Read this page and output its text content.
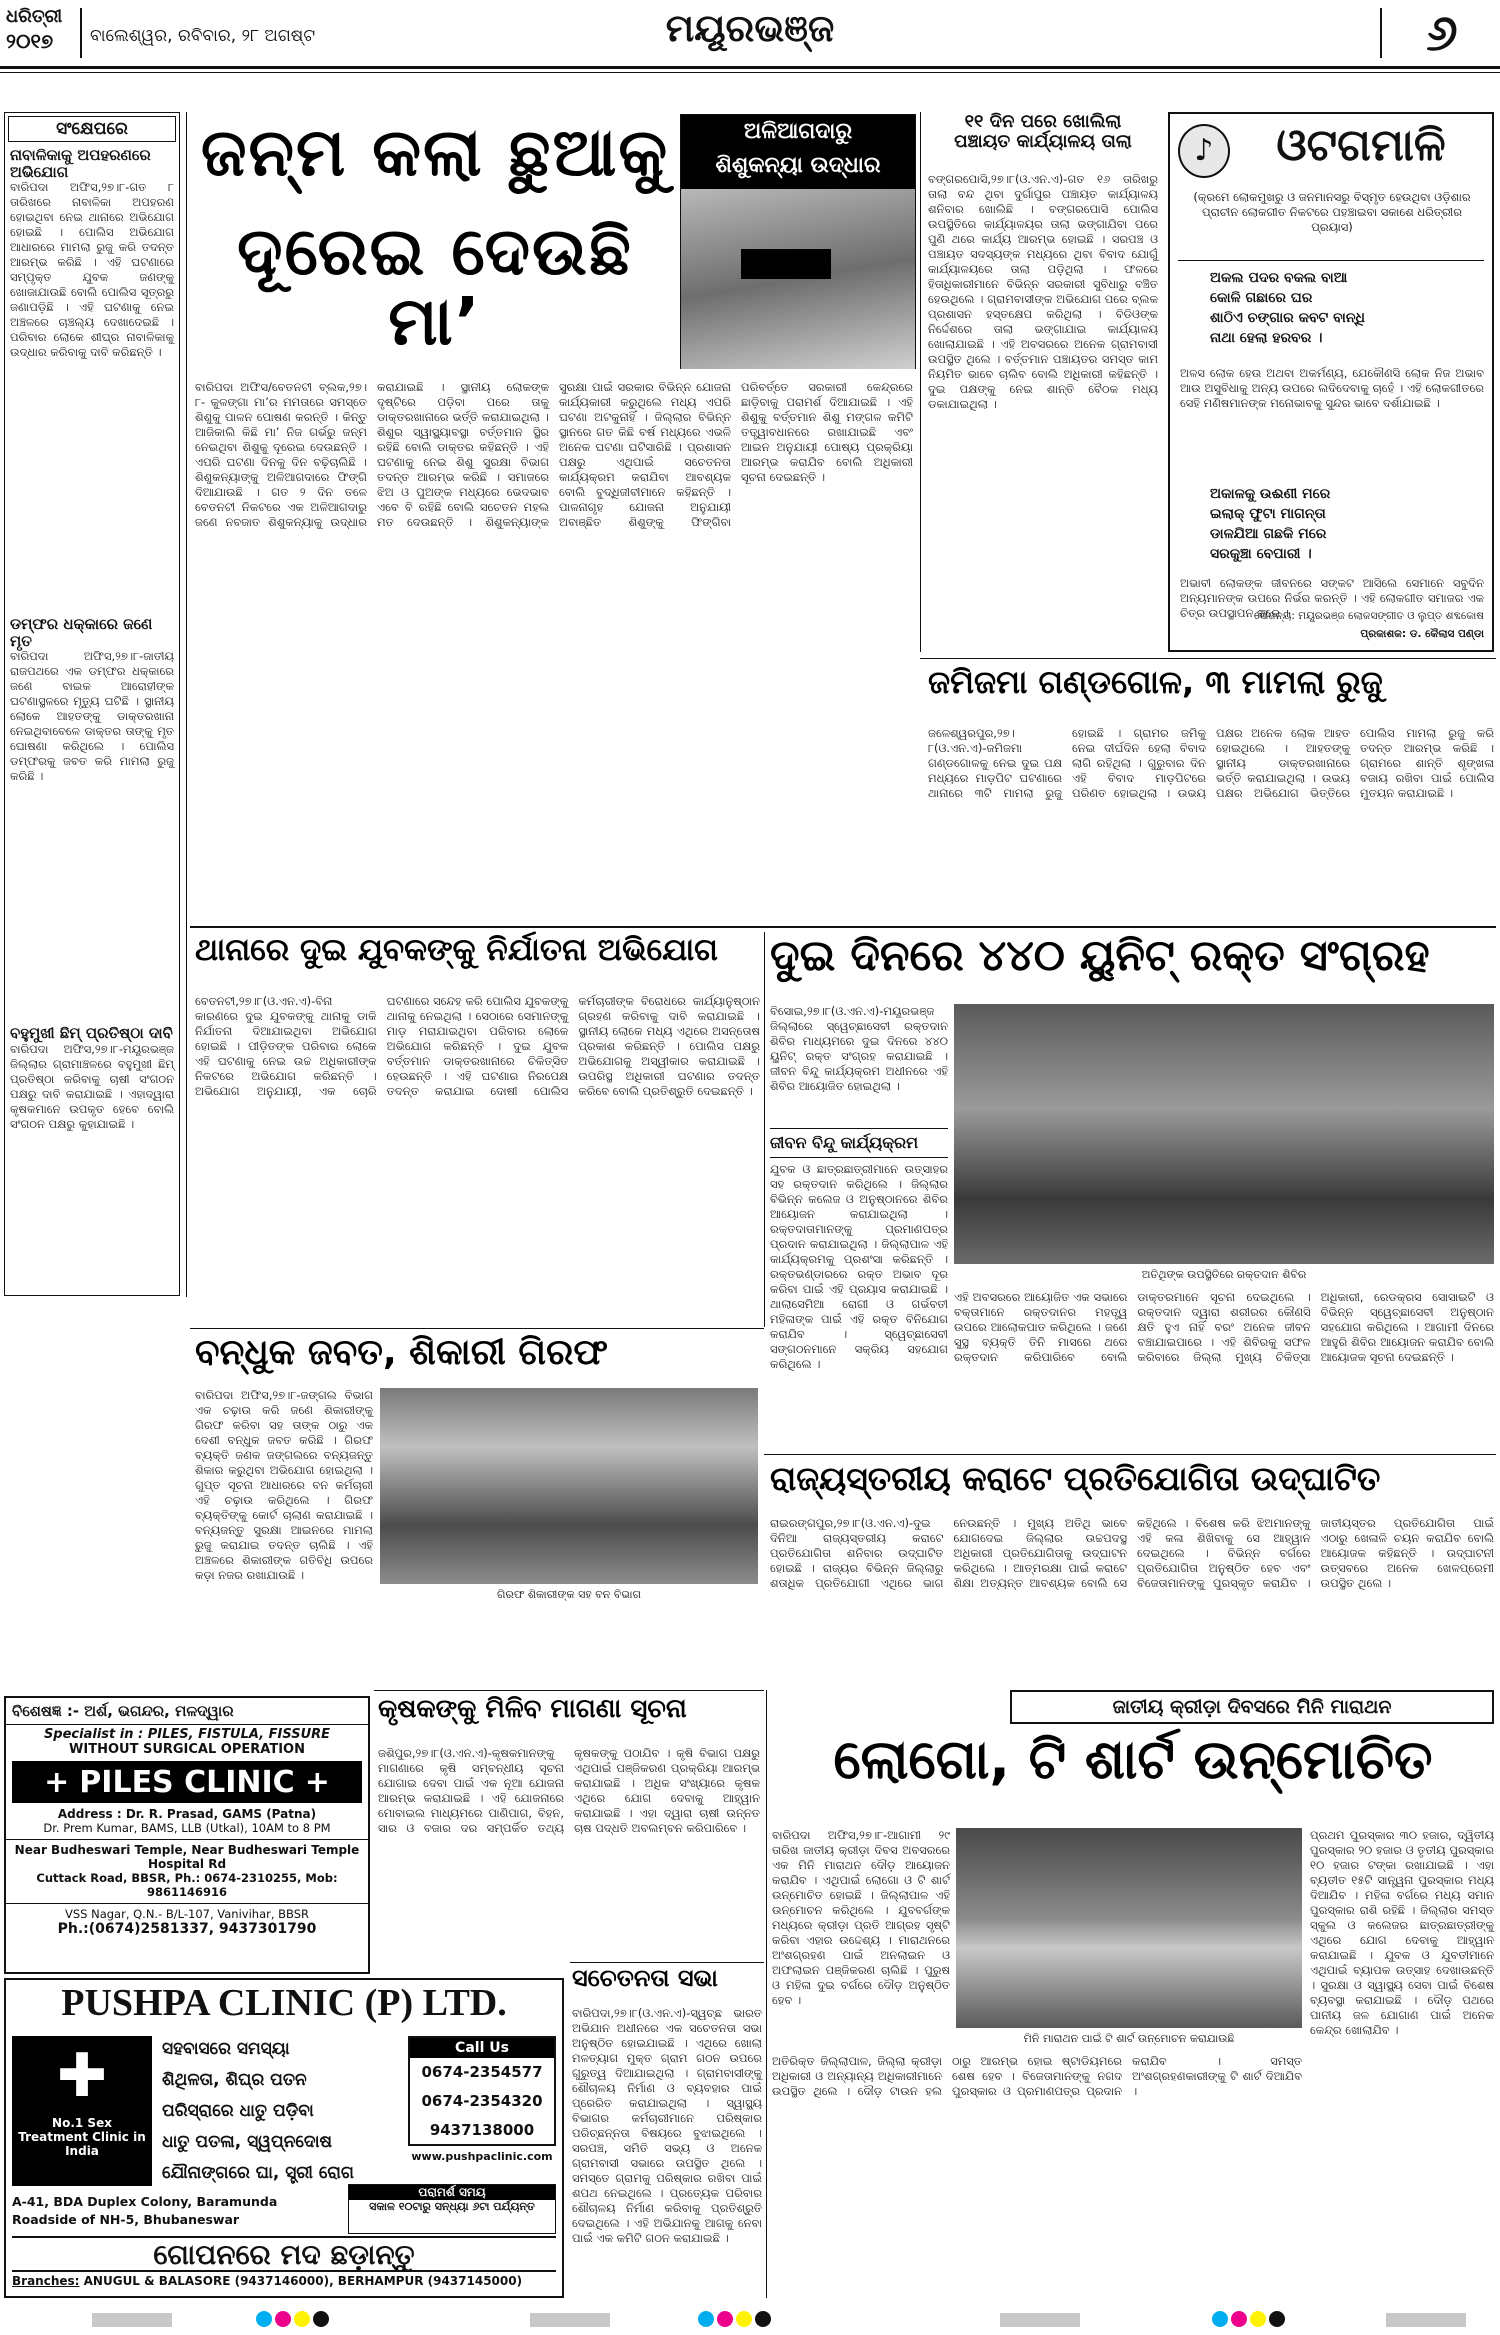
ଧରିତ୍ରୀ
୨୦୧୭	ବାଲେଶ୍ୱର, ରବିବାର, ୨୮ ଅଗଷ୍ଟ	ମୟୂରଭଞ୍ଜ	୬
ସଂକ୍ଷେପରେ
ନାବାଳିକାକୁ ଅପହରଣରେ ଅଭିଯୋଗ
ବାରିପଦା ଅଫିସ,୨୭।୮-ଗତ ୮ ତାରିଖରେ ନାବାଳିକା ଅପହରଣ ହୋଇଥିବା ନେଇ ଥାନାରେ ଅଭିଯୋଗ ହୋଇଛି । ପୋଲିସ ଅଭିଯୋଗ ଆଧାରରେ ମାମଲା ରୁଜୁ କରି ତଦନ୍ତ ଆରମ୍ଭ କରିଛି । ଏହି ଘଟଣାରେ ସମ୍ପୃକ୍ତ ଯୁବକ ଜଣଙ୍କୁ ଖୋଜାଯାଉଛି ବୋଲି ପୋଲିସ ସୂତ୍ରରୁ ଜଣାପଡ଼ିଛି । ଏହି ଘଟଣାକୁ ନେଇ ଅଞ୍ଚଳରେ ଚାଞ୍ଚଲ୍ୟ ଦେଖାଦେଇଛି । ପରିବାର ଲୋକେ ଶୀଘ୍ର ନାବାଳିକାକୁ ଉଦ୍ଧାର କରିବାକୁ ଦାବି କରିଛନ୍ତି ।
ଡମ୍ଫର ଧକ୍କାରେ ଜଣେ ମୃତ
ବାରିପଦା ଅଫିସ,୨୭।୮-ଜାତୀୟ ରାଜପଥରେ ଏକ ଡମ୍ଫର ଧକ୍କାରେ ଜଣେ ବାଇକ ଆରୋହୀଙ୍କ ଘଟଣାସ୍ଥଳରେ ମୃତ୍ୟୁ ଘଟିଛି । ସ୍ଥାନୀୟ ଲୋକେ ଆହତଙ୍କୁ ଡାକ୍ତରଖାନା ନେଇଥିବାବେଳେ ଡାକ୍ତର ତାଙ୍କୁ ମୃତ ଘୋଷଣା କରିଥିଲେ । ପୋଲିସ ଡମ୍ଫରକୁ ଜବତ କରି ମାମଲା ରୁଜୁ କରିଛି ।
ବହୁମୁଖୀ ଛିମ୍ ପ୍ରତିଷ୍ଠା ଦାବି
ବାରିପଦା ଅଫିସ,୨୭।୮-ମୟୂରଭଞ୍ଜ ଜିଲ୍ଲାର ଗ୍ରାମାଞ୍ଚଳରେ ବହୁମୁଖୀ ଛିମ୍ ପ୍ରତିଷ୍ଠା କରିବାକୁ ଚାଷୀ ସଂଗଠନ ପକ୍ଷରୁ ଦାବି କରାଯାଇଛି । ଏହାଦ୍ୱାରା କୃଷକମାନେ ଉପକୃତ ହେବେ ବୋଲି ସଂଗଠନ ପକ୍ଷରୁ କୁହାଯାଇଛି ।
ଜନ୍ମ କଲା ଛୁଆକୁ
ଦୂରେଇ ଦେଉଛି ମା’
ବାରିପଦା ଅଫିସ/ବେତନଟୀ ବ୍ଲକ,୨୭।୮- କୁଳଙ୍ଗା ମା’ର ମମତାରେ ସମସ୍ତେ ଶିଶୁକୁ ପାଳନ ପୋଷଣ କରନ୍ତି । କିନ୍ତୁ ଆଜିକାଲି କିଛି ମା’ ନିଜ ଗର୍ଭରୁ ଜନ୍ମ ନେଇଥିବା ଶିଶୁକୁ ଦୂରେଇ ଦେଉଛନ୍ତି । ଏପରି ଘଟଣା ଦିନକୁ ଦିନ ବଢ଼ିଚାଲିଛି । ଶିଶୁକନ୍ୟାଙ୍କୁ ଅଳିଆଗଦାରେ ଫିଙ୍ଗି ଦିଆଯାଉଛି । ଗତ ୨ ଦିନ ତଳେ ବେତନଟୀ ନିକଟରେ ଏକ ଅଳିଆଗଦାରୁ ଜଣେ ନବଜାତ ଶିଶୁକନ୍ୟାକୁ ଉଦ୍ଧାର କରାଯାଇଛି । ସ୍ଥାନୀୟ ଲୋକଙ୍କ ଦୃଷ୍ଟିରେ ପଡ଼ିବା ପରେ ତାକୁ ଡାକ୍ତରଖାନାରେ ଭର୍ତ୍ତି କରାଯାଇଥିଲା । ଶିଶୁର ସ୍ୱାସ୍ଥ୍ୟାବସ୍ଥା ବର୍ତ୍ତମାନ ସ୍ଥିର ରହିଛି ବୋଲି ଡାକ୍ତର କହିଛନ୍ତି । ଏହି ଘଟଣାକୁ ନେଇ ଶିଶୁ ସୁରକ୍ଷା ବିଭାଗ ତଦନ୍ତ ଆରମ୍ଭ କରିଛି । ସମାଜରେ ଝିଅ ଓ ପୁଅଙ୍କ ମଧ୍ୟରେ ଭେଦଭାବ ଏବେ ବି ରହିଛି ବୋଲି ସଚେତନ ମହଲ ମତ ଦେଉଛନ୍ତି । ଶିଶୁକନ୍ୟାଙ୍କ ସୁରକ୍ଷା ପାଇଁ ସରକାର ବିଭିନ୍ନ ଯୋଜନା କାର୍ଯ୍ୟକାରୀ କରୁଥିଲେ ମଧ୍ୟ ଏପରି ଘଟଣା ଅଟକୁନାହିଁ । ଜିଲ୍ଲାର ବିଭିନ୍ନ ସ୍ଥାନରେ ଗତ କିଛି ବର୍ଷ ମଧ୍ୟରେ ଏଭଳି ଅନେକ ଘଟଣା ଘଟିସାରିଛି । ପ୍ରଶାସନ ପକ୍ଷରୁ ଏଥିପାଇଁ ସଚେତନତା କାର୍ଯ୍ୟକ୍ରମ କରାଯିବା ଆବଶ୍ୟକ ବୋଲି ବୁଦ୍ଧିଜୀବୀମାନେ କହିଛନ୍ତି । ପାଳନାଗୃହ ଯୋଜନା ଅନୁଯାୟୀ ଅବାଞ୍ଛିତ ଶିଶୁଙ୍କୁ ଫିଙ୍ଗିବା ପରିବର୍ତ୍ତେ ସରକାରୀ କେନ୍ଦ୍ରରେ ଛାଡ଼ିବାକୁ ପରାମର୍ଶ ଦିଆଯାଇଛି । ଏହି ଶିଶୁକୁ ବର୍ତ୍ତମାନ ଶିଶୁ ମଙ୍ଗଳ କମିଟି ତତ୍ତ୍ୱାବଧାନରେ ରଖାଯାଇଛି ଏବଂ ଆଇନ ଅନୁଯାୟୀ ପୋଷ୍ୟ ପ୍ରକ୍ରିୟା ଆରମ୍ଭ କରାଯିବ ବୋଲି ଅଧିକାରୀ ସୂଚନା ଦେଇଛନ୍ତି ।
ଅଳିଆଗଦାରୁ
ଶିଶୁକନ୍ୟା ଉଦ୍ଧାର
୧୧ ଦିନ ପରେ ଖୋଲିଲା
ପଞ୍ଚାୟତ କାର୍ଯ୍ୟାଳୟ ତାଲା
ବଙ୍ଗରପୋସି,୨୭।୮(ଓ.ଏନ.ଏ)-ଗତ ୧୬ ତାରିଖରୁ ତାଲା ବନ୍ଦ ଥିବା ଦୁର୍ଗାପୁର ପଞ୍ଚାୟତ କାର୍ଯ୍ୟାଳୟ ଶନିବାର ଖୋଲିଛି । ବଙ୍ଗରପୋସି ପୋଲିସ ଉପସ୍ଥିତିରେ କାର୍ଯ୍ୟାଳୟର ତାଲା ଭଙ୍ଗାଯିବା ପରେ ପୁଣି ଥରେ କାର୍ଯ୍ୟ ଆରମ୍ଭ ହୋଇଛି । ସରପଞ୍ଚ ଓ ପଞ୍ଚାୟତ ସଦସ୍ୟଙ୍କ ମଧ୍ୟରେ ଥିବା ବିବାଦ ଯୋଗୁଁ କାର୍ଯ୍ୟାଳୟରେ ତାଲା ପଡ଼ିଥିଲା । ଫଳରେ ହିତାଧିକାରୀମାନେ ବିଭିନ୍ନ ସରକାରୀ ସୁବିଧାରୁ ବଞ୍ଚିତ ହେଉଥିଲେ । ଗ୍ରାମବାସୀଙ୍କ ଅଭିଯୋଗ ପରେ ବ୍ଲକ ପ୍ରଶାସନ ହସ୍ତକ୍ଷେପ କରିଥିଲା । ବିଡିଓଙ୍କ ନିର୍ଦ୍ଦେଶରେ ତାଲା ଭଙ୍ଗାଯାଇ କାର୍ଯ୍ୟାଳୟ ଖୋଲାଯାଇଛି । ଏହି ଅବସରରେ ଅନେକ ଗ୍ରାମବାସୀ ଉପସ୍ଥିତ ଥିଲେ । ବର୍ତ୍ତମାନ ପଞ୍ଚାୟତର ସମସ୍ତ କାମ ନିୟମିତ ଭାବେ ଚାଲିବ ବୋଲି ଅଧିକାରୀ କହିଛନ୍ତି । ଦୁଇ ପକ୍ଷଙ୍କୁ ନେଇ ଶାନ୍ତି ବୈଠକ ମଧ୍ୟ ଡକାଯାଇଥିଲା ।
♪	ଓଟଗମାଳି
(କ୍ରମେ ଲୋକମୁଖରୁ ଓ ଜନମାନସରୁ ବିସ୍ମୃତ ହେଉଥିବା ଓଡ଼ିଶାର ପ୍ରାଚୀନ ଲୋକଗୀତ ନିକଟରେ ପହଞ୍ଚାଇବା ସକାଶେ ଧରିତ୍ରୀର ପ୍ରୟାସ)
ଅକଲ ପଦର ବକଲ ବାଆ
କୋଳି ଗଛାରେ ଘର
ଶାଠିଏ ଚଙ୍ଗାର କବଟ ବାନ୍ଧି
ନାଥା ହେଲା ହରବର ।
ଅଳସ ଲୋକ ହେଉ ଅଥବା ଅକର୍ମଣ୍ୟ, ଯେକୌଣସି ଲୋକ ନିଜ ଅଭାବ ଆଉ ଅସୁବିଧାକୁ ଅନ୍ୟ ଉପରେ ଲଦିଦେବାକୁ ଚାହେଁ । ଏହି ଲୋକଗୀତରେ ସେହି ମଣିଷମାନଙ୍କ ମନୋଭାବକୁ ସୁନ୍ଦର ଭାବେ ଦର୍ଶାଯାଇଛି ।
ଅକାଳକୁ ଉଈଣୀ ମରେ
ଇଲାକ୍ ଫୁଟା ମାଗନ୍ତା
ଡାଳଯିଆ ଗଛକି ମରେ
ସରକୁଞ୍ଚା ବେପାରୀ ।
ଅଭାବୀ ଲୋକଙ୍କ ଜୀବନରେ ସଙ୍କଟ ଆସିଲେ ସେମାନେ ସବୁଦିନ ଅନ୍ୟମାନଙ୍କ ଉପରେ ନିର୍ଭର କରନ୍ତି । ଏହି ଲୋକଗୀତ ସମାଜର ଏକ ଚିତ୍ର ଉପସ୍ଥାପନ କରେ ।
ସୌଜନ୍ୟ: ମୟୂରଭଞ୍ଜ ଲୋକସଙ୍ଗୀତ ଓ ଲୁପ୍ତ ଶବ୍ଦକୋଷ
ପ୍ରକାଶକ: ଡ. କୈଲାସ ପଣ୍ଡା
ଜମିଜମା ଗଣ୍ଡଗୋଳ, ୩ ମାମଲା ରୁଜୁ
ଜଳେଶ୍ୱରପୁର,୨୭।୮(ଓ.ଏନ.ଏ)-ଜମିଜମା ଗଣ୍ଡଗୋଳକୁ ନେଇ ଦୁଇ ପକ୍ଷ ମଧ୍ୟରେ ମାଡ଼ପିଟ ଘଟଣାରେ ଥାନାରେ ୩ଟି ମାମଲା ରୁଜୁ ହୋଇଛି । ଗ୍ରାମର ଜମିକୁ ନେଇ ଦୀର୍ଘଦିନ ହେଲା ବିବାଦ ଲାଗି ରହିଥିଲା । ଗୁରୁବାର ଦିନ ଏହି ବିବାଦ ମାଡ଼ପିଟରେ ପରିଣତ ହୋଇଥିଲା । ଉଭୟ ପକ୍ଷର ଅନେକ ଲୋକ ଆହତ ହୋଇଥିଲେ । ଆହତଙ୍କୁ ସ୍ଥାନୀୟ ଡାକ୍ତରଖାନାରେ ଭର୍ତ୍ତି କରାଯାଇଥିଲା । ଉଭୟ ପକ୍ଷର ଅଭିଯୋଗ ଭିତ୍ତିରେ ପୋଲିସ ମାମଲା ରୁଜୁ କରି ତଦନ୍ତ ଆରମ୍ଭ କରିଛି । ଗ୍ରାମରେ ଶାନ୍ତି ଶୃଙ୍ଖଳା ବଜାୟ ରଖିବା ପାଇଁ ପୋଲିସ ମୁତୟନ କରାଯାଇଛି ।
ଥାନାରେ ଦୁଇ ଯୁବକଙ୍କୁ ନିର୍ଯାତନା ଅଭିଯୋଗ
ବେତନଟୀ,୨୭।୮(ଓ.ଏନ.ଏ)-ବିନା କାରଣରେ ଦୁଇ ଯୁବକଙ୍କୁ ଥାନାକୁ ଡାକି ନିର୍ଯାତନା ଦିଆଯାଇଥିବା ଅଭିଯୋଗ ହୋଇଛି । ପୀଡ଼ିତଙ୍କ ପରିବାର ଲୋକେ ଏହି ଘଟଣାକୁ ନେଇ ଉଚ୍ଚ ଅଧିକାରୀଙ୍କ ନିକଟରେ ଅଭିଯୋଗ କରିଛନ୍ତି । ଅଭିଯୋଗ ଅନୁଯାୟୀ, ଏକ ଚୋରି ଘଟଣାରେ ସନ୍ଦେହ କରି ପୋଲିସ ଯୁବକଙ୍କୁ ଥାନାକୁ ନେଇଥିଲା । ସେଠାରେ ସେମାନଙ୍କୁ ମାଡ଼ ମରାଯାଇଥିବା ପରିବାର ଲୋକେ ଅଭିଯୋଗ କରିଛନ୍ତି । ଦୁଇ ଯୁବକ ବର୍ତ୍ତମାନ ଡାକ୍ତରଖାନାରେ ଚିକିତ୍ସିତ ହେଉଛନ୍ତି । ଏହି ଘଟଣାର ନିରପେକ୍ଷ ତଦନ୍ତ କରାଯାଇ ଦୋଷୀ ପୋଲିସ କର୍ମଚାରୀଙ୍କ ବିରୋଧରେ କାର୍ଯ୍ୟାନୁଷ୍ଠାନ ଗ୍ରହଣ କରିବାକୁ ଦାବି କରାଯାଇଛି । ସ୍ଥାନୀୟ ଲୋକେ ମଧ୍ୟ ଏଥିରେ ଅସନ୍ତୋଷ ପ୍ରକାଶ କରିଛନ୍ତି । ପୋଲିସ ପକ୍ଷରୁ ଅଭିଯୋଗକୁ ଅସ୍ୱୀକାର କରାଯାଇଛି । ଉପରିସ୍ଥ ଅଧିକାରୀ ଘଟଣାର ତଦନ୍ତ କରିବେ ବୋଲି ପ୍ରତିଶ୍ରୁତି ଦେଇଛନ୍ତି ।
ଦୁଇ ଦିନରେ ୪୪୦ ୟୁନିଟ୍ ରକ୍ତ ସଂଗ୍ରହ
ବିସୋଇ,୨୭।୮(ଓ.ଏନ.ଏ)-ମୟୂରଭଞ୍ଜ ଜିଲ୍ଲାରେ ସ୍ୱେଚ୍ଛାସେବୀ ରକ୍ତଦାନ ଶିବିର ମାଧ୍ୟମରେ ଦୁଇ ଦିନରେ ୪୪୦ ୟୁନିଟ୍ ରକ୍ତ ସଂଗ୍ରହ କରାଯାଇଛି । ଜୀବନ ବିନ୍ଦୁ କାର୍ଯ୍ୟକ୍ରମ ଅଧୀନରେ ଏହି ଶିବିର ଆୟୋଜିତ ହୋଇଥିଲା ।
ଜୀବନ ବିନ୍ଦୁ କାର୍ଯ୍ୟକ୍ରମ
ଯୁବକ ଓ ଛାତ୍ରଛାତ୍ରୀମାନେ ଉତ୍ସାହର ସହ ରକ୍ତଦାନ କରିଥିଲେ । ଜିଲ୍ଲାର ବିଭିନ୍ନ କଲେଜ ଓ ଅନୁଷ୍ଠାନରେ ଶିବିର ଆୟୋଜନ କରାଯାଇଥିଲା । ରକ୍ତଦାତାମାନଙ୍କୁ ପ୍ରମାଣପତ୍ର ପ୍ରଦାନ କରାଯାଇଥିଲା । ଜିଲ୍ଲାପାଳ ଏହି କାର୍ଯ୍ୟକ୍ରମକୁ ପ୍ରଶଂସା କରିଛନ୍ତି । ରକ୍ତଭଣ୍ଡାରରେ ରକ୍ତ ଅଭାବ ଦୂର କରିବା ପାଇଁ ଏହି ପ୍ରୟାସ କରାଯାଇଛି । ଥାଲାସେମିଆ ରୋଗୀ ଓ ଗର୍ଭବତୀ ମହିଳାଙ୍କ ପାଇଁ ଏହି ରକ୍ତ ବିନିଯୋଗ କରାଯିବ । ସ୍ୱେଚ୍ଛାସେବୀ ସଙ୍ଗଠନମାନେ ସକ୍ରିୟ ସହଯୋଗ କରିଥିଲେ ।
ଅତିଥିଙ୍କ ଉପସ୍ଥିତିରେ ରକ୍ତଦାନ ଶିବିର
ଏହି ଅବସରରେ ଆୟୋଜିତ ଏକ ସଭାରେ ବକ୍ତାମାନେ ରକ୍ତଦାନର ମହତ୍ତ୍ୱ ଉପରେ ଆଲୋକପାତ କରିଥିଲେ । ଜଣେ ସୁସ୍ଥ ବ୍ୟକ୍ତି ତିନି ମାସରେ ଥରେ ରକ୍ତଦାନ କରିପାରିବେ ବୋଲି ଡାକ୍ତରମାନେ ସୂଚନା ଦେଇଥିଲେ । ରକ୍ତଦାନ ଦ୍ୱାରା ଶରୀରର କୌଣସି କ୍ଷତି ହୁଏ ନାହିଁ ବରଂ ଅନେକ ଜୀବନ ବଞ୍ଚାଯାଇପାରେ । ଏହି ଶିବିରକୁ ସଫଳ କରିବାରେ ଜିଲ୍ଲା ମୁଖ୍ୟ ଚିକିତ୍ସା ଅଧିକାରୀ, ରେଡକ୍ରସ ସୋସାଇଟି ଓ ବିଭିନ୍ନ ସ୍ୱେଚ୍ଛାସେବୀ ଅନୁଷ୍ଠାନ ସହଯୋଗ କରିଥିଲେ । ଆଗାମୀ ଦିନରେ ଆହୁରି ଶିବିର ଆୟୋଜନ କରାଯିବ ବୋଲି ଆୟୋଜକ ସୂଚନା ଦେଇଛନ୍ତି ।
ବନ୍ଧୁକ ଜବତ, ଶିକାରୀ ଗିରଫ
ବାରିପଦା ଅଫିସ,୨୭।୮-ଜଙ୍ଗଲ ବିଭାଗ ଏକ ଚଢ଼ାଉ କରି ଜଣେ ଶିକାରୀଙ୍କୁ ଗିରଫ କରିବା ସହ ତାଙ୍କ ଠାରୁ ଏକ ଦେଶୀ ବନ୍ଧୁକ ଜବତ କରିଛି । ଗିରଫ ବ୍ୟକ୍ତି ଜଣକ ଜଙ୍ଗଲରେ ବନ୍ୟଜନ୍ତୁ ଶିକାର କରୁଥିବା ଅଭିଯୋଗ ହୋଇଥିଲା । ଗୁପ୍ତ ସୂଚନା ଆଧାରରେ ବନ କର୍ମଚାରୀ ଏହି ଚଢ଼ାଉ କରିଥିଲେ । ଗିରଫ ବ୍ୟକ୍ତିଙ୍କୁ କୋର୍ଟ ଚାଲାଣ କରାଯାଇଛି । ବନ୍ୟଜନ୍ତୁ ସୁରକ୍ଷା ଆଇନରେ ମାମଲା ରୁଜୁ କରାଯାଇ ତଦନ୍ତ ଚାଲିଛି । ଏହି ଅଞ୍ଚଳରେ ଶିକାରୀଙ୍କ ଗତିବିଧି ଉପରେ କଡ଼ା ନଜର ରଖାଯାଉଛି ।
ଗିରଫ ଶିକାରୀଙ୍କ ସହ ବନ ବିଭାଗ
ରାଜ୍ୟସ୍ତରୀୟ କରାଟେ ପ୍ରତିଯୋଗିତା ଉଦ୍‌ଘାଟିତ
ରାଇରଙ୍ଗପୁର,୨୭।୮(ଓ.ଏନ.ଏ)-ଦୁଇ ଦିନିଆ ରାଜ୍ୟସ୍ତରୀୟ କରାଟେ ପ୍ରତିଯୋଗିତା ଶନିବାର ଉଦ୍‌ଘାଟିତ ହୋଇଛି । ରାଜ୍ୟର ବିଭିନ୍ନ ଜିଲ୍ଲାରୁ ଶତାଧିକ ପ୍ରତିଯୋଗୀ ଏଥିରେ ଭାଗ ନେଉଛନ୍ତି । ମୁଖ୍ୟ ଅତିଥି ଭାବେ ଯୋଗଦେଇ ଜିଲ୍ଲାର ଉଚ୍ଚପଦସ୍ଥ ଅଧିକାରୀ ପ୍ରତିଯୋଗିତାକୁ ଉଦ୍‌ଘାଟନ କରିଥିଲେ । ଆତ୍ମରକ୍ଷା ପାଇଁ କରାଟେ ଶିକ୍ଷା ଅତ୍ୟନ୍ତ ଆବଶ୍ୟକ ବୋଲି ସେ କହିଥିଲେ । ବିଶେଷ କରି ଝିଅମାନଙ୍କୁ ଏହି କଳା ଶିଖିବାକୁ ସେ ଆହ୍ୱାନ ଦେଇଥିଲେ । ବିଭିନ୍ନ ବର୍ଗରେ ପ୍ରତିଯୋଗିତା ଅନୁଷ୍ଠିତ ହେବ ଏବଂ ବିଜେତାମାନଙ୍କୁ ପୁରସ୍କୃତ କରାଯିବ । ଜାତୀୟସ୍ତର ପ୍ରତିଯୋଗିତା ପାଇଁ ଏଠାରୁ ଖେଳାଳି ଚୟନ କରାଯିବ ବୋଲି ଆୟୋଜକ କହିଛନ୍ତି । ଉଦ୍‌ଘାଟନୀ ଉତ୍ସବରେ ଅନେକ ଖେଳପ୍ରେମୀ ଉପସ୍ଥିତ ଥିଲେ ।
ବିଶେଷଜ୍ଞ :- ଅର୍ଶ, ଭଗନ୍ଦର, ମଳଦ୍ୱାର
Specialist in : PILES, FISTULA, FISSURE
WITHOUT SURGICAL OPERATION
+ PILES CLINIC +
Address : Dr. R. Prasad, GAMS (Patna)
Dr. Prem Kumar, BAMS, LLB (Utkal), 10AM to 8 PM
Near Budheswari Temple, Near Budheswari Temple Hospital Rd
Cuttack Road, BBSR, Ph.: 0674-2310255, Mob: 9861146916
VSS Nagar, Q.N.- B/L-107, Vanivihar, BBSR
Ph.:(0674)2581337, 9437301790
PUSHPA CLINIC (P) LTD.
✚
No.1 Sex Treatment Clinic in India
ସହବାସରେ ସମସ୍ୟା
ଶିଥିଳତା, ଶିଘ୍ର ପତନ
ପରିସ୍ରାରେ ଧାତୁ ପଡ଼ିବା
ଧାତୁ ପତଳା, ସ୍ୱପ୍ନଦୋଷ
ଯୌନାଙ୍ଗରେ ଘା, ସ୍ତ୍ରୀ ରୋଗ
Call Us
0674-2354577
0674-2354320
9437138000
www.pushpaclinic.com
A-41, BDA Duplex Colony, Baramunda
Roadside of NH-5, Bhubaneswar
ପରାମର୍ଶ ସମୟ
ସକାଳ ୧୦ଟାରୁ ସନ୍ଧ୍ୟା ୬ଟା ପର୍ଯ୍ୟନ୍ତ
ଗୋପନରେ ମଦ ଛଡ଼ାନ୍ତୁ
Branches: ANUGUL & BALASORE (9437146000), BERHAMPUR (9437145000)
କୃଷକଙ୍କୁ ମିଳିବ ମାଗଣା ସୂଚନା
ଜଶିପୁର,୨୭।୮(ଓ.ଏନ.ଏ)-କୃଷକମାନଙ୍କୁ ମାଗଣାରେ କୃଷି ସମ୍ବନ୍ଧୀୟ ସୂଚନା ଯୋଗାଇ ଦେବା ପାଇଁ ଏକ ନୂଆ ଯୋଜନା ଆରମ୍ଭ କରାଯାଇଛି । ଏହି ଯୋଜନାରେ ମୋବାଇଲ ମାଧ୍ୟମରେ ପାଣିପାଗ, ବିହନ, ସାର ଓ ବଜାର ଦର ସମ୍ପର୍କିତ ତଥ୍ୟ କୃଷକଙ୍କୁ ପଠାଯିବ । କୃଷି ବିଭାଗ ପକ୍ଷରୁ ଏଥିପାଇଁ ପଞ୍ଜିକରଣ ପ୍ରକ୍ରିୟା ଆରମ୍ଭ କରାଯାଇଛି । ଅଧିକ ସଂଖ୍ୟାରେ କୃଷକ ଏଥିରେ ଯୋଗ ଦେବାକୁ ଆହ୍ୱାନ କରାଯାଇଛି । ଏହା ଦ୍ୱାରା ଚାଷୀ ଉନ୍ନତ ଚାଷ ପଦ୍ଧତି ଅବଲମ୍ବନ କରିପାରିବେ ।
ସଚେତନତା ସଭା
ବାରିପଦା,୨୭।୮(ଓ.ଏନ.ଏ)-ସ୍ୱଚ୍ଛ ଭାରତ ଅଭିଯାନ ଅଧୀନରେ ଏକ ସଚେତନତା ସଭା ଅନୁଷ୍ଠିତ ହୋଇଯାଇଛି । ଏଥିରେ ଖୋଲା ମଳତ୍ୟାଗ ମୁକ୍ତ ଗ୍ରାମ ଗଠନ ଉପରେ ଗୁରୁତ୍ୱ ଦିଆଯାଇଥିଲା । ଗ୍ରାମବାସୀଙ୍କୁ ଶୌଚାଳୟ ନିର୍ମାଣ ଓ ବ୍ୟବହାର ପାଇଁ ପ୍ରେରିତ କରାଯାଇଥିଲା । ସ୍ୱାସ୍ଥ୍ୟ ବିଭାଗର କର୍ମଚାରୀମାନେ ପରିଷ୍କାର ପରିଚ୍ଛନ୍ନତା ବିଷୟରେ ବୁଝାଇଥିଲେ । ସରପଞ୍ଚ, ସମିତି ସଭ୍ୟ ଓ ଅନେକ ଗ୍ରାମବାସୀ ସଭାରେ ଉପସ୍ଥିତ ଥିଲେ । ସମସ୍ତେ ଗ୍ରାମକୁ ପରିଷ୍କାର ରଖିବା ପାଇଁ ଶପଥ ନେଇଥିଲେ । ପ୍ରତ୍ୟେକ ପରିବାର ଶୌଚାଳୟ ନିର୍ମାଣ କରିବାକୁ ପ୍ରତିଶ୍ରୁତି ଦେଇଥିଲେ । ଏହି ଅଭିଯାନକୁ ଆଗକୁ ନେବା ପାଇଁ ଏକ କମିଟି ଗଠନ କରାଯାଇଛି ।
ଜାତୀୟ କ୍ରୀଡ଼ା ଦିବସରେ ମିନି ମାରାଥନ
ଲୋଗୋ, ଟି ଶାର୍ଟ ଉନ୍ମୋଚିତ
ବାରିପଦା ଅଫିସ,୨୭।୮-ଆଗାମୀ ୨୯ ତାରିଖ ଜାତୀୟ କ୍ରୀଡ଼ା ଦିବସ ଅବସରରେ ଏକ ମିନି ମାରାଥନ ଦୌଡ଼ ଆୟୋଜନ କରାଯିବ । ଏଥିପାଇଁ ଲୋଗୋ ଓ ଟି ଶାର୍ଟ ଉନ୍ମୋଚିତ ହୋଇଛି । ଜିଲ୍ଲାପାଳ ଏହି ଉନ୍ମୋଚନ କରିଥିଲେ । ଯୁବବର୍ଗଙ୍କ ମଧ୍ୟରେ କ୍ରୀଡ଼ା ପ୍ରତି ଆଗ୍ରହ ସୃଷ୍ଟି କରିବା ଏହାର ଉଦ୍ଦେଶ୍ୟ । ମାରାଥନରେ ଅଂଶଗ୍ରହଣ ପାଇଁ ଅନଲାଇନ ଓ ଅଫଲାଇନ ପଞ୍ଜିକରଣ ଚାଲିଛି । ପୁରୁଷ ଓ ମହିଳା ଦୁଇ ବର୍ଗରେ ଦୌଡ଼ ଅନୁଷ୍ଠିତ ହେବ ।
ମିନି ମାରାଥନ ପାଇଁ ଟି ଶାର୍ଟ ଉନ୍ମୋଚନ କରାଯାଉଛି
ଅତିରିକ୍ତ ଜିଲ୍ଲାପାଳ, ଜିଲ୍ଲା କ୍ରୀଡ଼ା ଅଧିକାରୀ ଓ ଅନ୍ୟାନ୍ୟ ଅଧିକାରୀମାନେ ଉପସ୍ଥିତ ଥିଲେ । ଦୌଡ଼ ଟାଉନ ହଲ ଠାରୁ ଆରମ୍ଭ ହୋଇ ଷ୍ଟାଡିୟମରେ ଶେଷ ହେବ । ବିଜେତାମାନଙ୍କୁ ନଗଦ ପୁରସ୍କାର ଓ ପ୍ରମାଣପତ୍ର ପ୍ରଦାନ କରାଯିବ । ସମସ୍ତ ଅଂଶଗ୍ରହଣକାରୀଙ୍କୁ ଟି ଶାର୍ଟ ଦିଆଯିବ ।
ପ୍ରଥମ ପୁରସ୍କାର ୩୦ ହଜାର, ଦ୍ୱିତୀୟ ପୁରସ୍କାର ୨୦ ହଜାର ଓ ତୃତୀୟ ପୁରସ୍କାର ୧୦ ହଜାର ଟଙ୍କା ରଖାଯାଇଛି । ଏହା ବ୍ୟତୀତ ୧୫ଟି ସାନ୍ତ୍ୱନା ପୁରସ୍କାର ମଧ୍ୟ ଦିଆଯିବ । ମହିଳା ବର୍ଗରେ ମଧ୍ୟ ସମାନ ପୁରସ୍କାର ରାଶି ରହିଛି । ଜିଲ୍ଲାର ସମସ୍ତ ସ୍କୁଲ ଓ କଲେଜର ଛାତ୍ରଛାତ୍ରୀଙ୍କୁ ଏଥିରେ ଯୋଗ ଦେବାକୁ ଆହ୍ୱାନ କରାଯାଇଛି । ଯୁବକ ଓ ଯୁବତୀମାନେ ଏଥିପାଇଁ ବ୍ୟାପକ ଉତ୍ସାହ ଦେଖାଉଛନ୍ତି । ସୁରକ୍ଷା ଓ ସ୍ୱାସ୍ଥ୍ୟ ସେବା ପାଇଁ ବିଶେଷ ବ୍ୟବସ୍ଥା କରାଯାଇଛି । ଦୌଡ଼ ପଥରେ ପାନୀୟ ଜଳ ଯୋଗାଣ ପାଇଁ ଅନେକ କେନ୍ଦ୍ର ଖୋଲାଯିବ ।
